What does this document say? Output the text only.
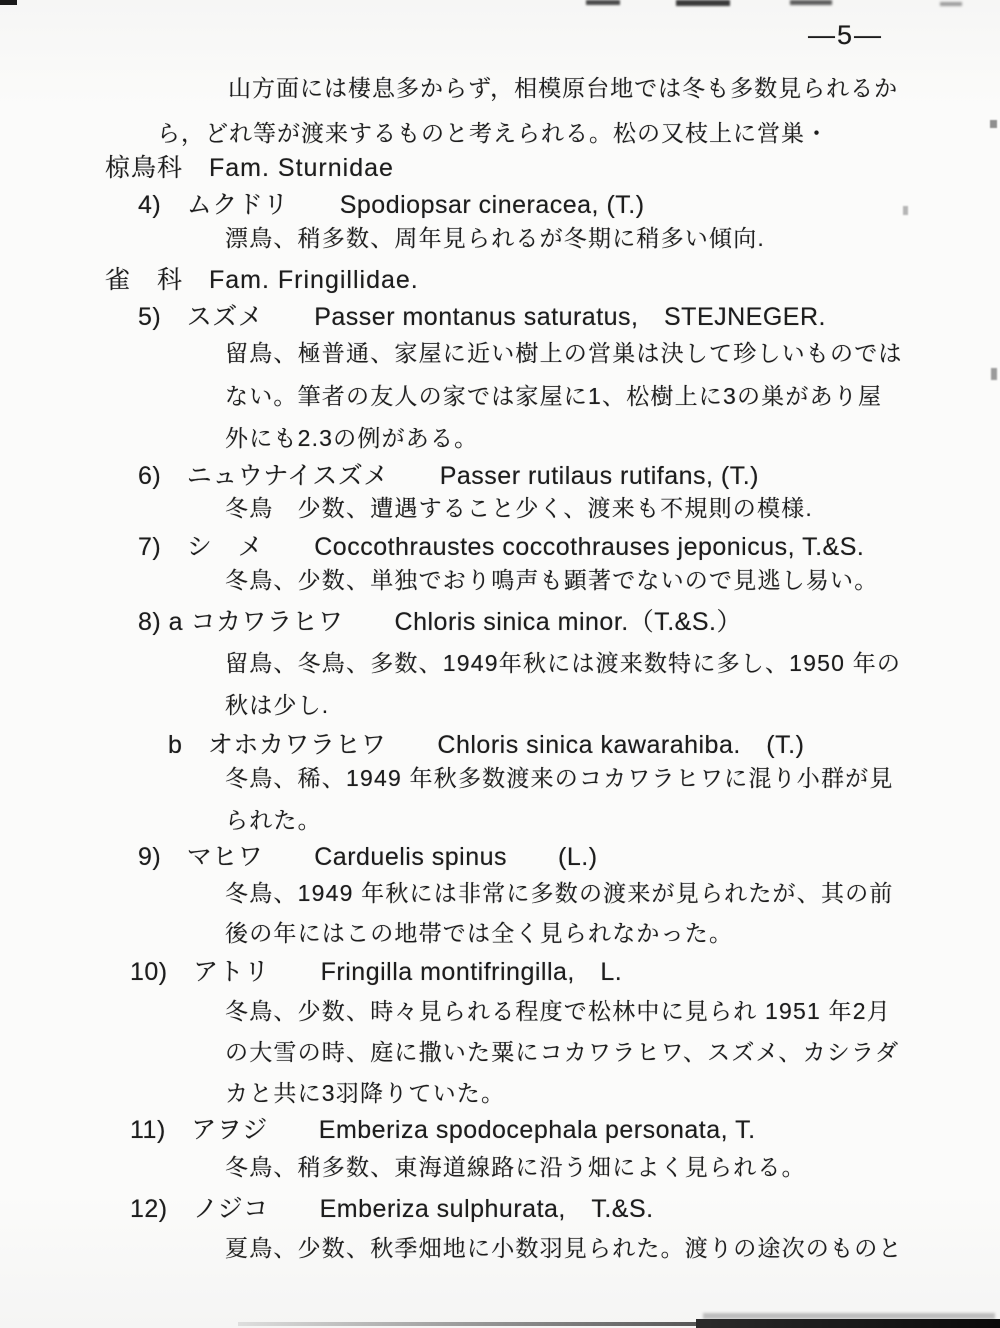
—5—
山方面には棲息多からず，相模原台地では冬も多数見られるか
ら，どれ等が渡来するものと考えられる。松の又枝上に営巣・
椋鳥科　Fam. Sturnidae
4)　ムクドリ　　Spodiopsar cineracea, (T.)
漂鳥、稍多数、周年見られるが冬期に稍多い傾向.
雀　科　Fam. Fringillidae.
5)　スズメ　　Passer montanus saturatus,　STEJNEGER.
留鳥、極普通、家屋に近い樹上の営巣は決して珍しいものでは
ない。筆者の友人の家では家屋に1、松樹上に3の巣があり屋
外にも2.3の例がある。
6)　ニュウナイスズメ　　Passer rutilaus rutifans, (T.)
冬鳥　少数、遭遇すること少く、渡来も不規則の模様.
7)　シ　メ　　Coccothraustes coccothrauses jeponicus, T.&S.
冬鳥、少数、単独でおり鳴声も顕著でないので見逃し易い。
8) a コカワラヒワ　　Chloris sinica minor.（T.&S.）
留鳥、冬鳥、多数、1949年秋には渡来数特に多し、1950 年の
秋は少し.
b　オホカワラヒワ　　Chloris sinica kawarahiba.　(T.)
冬鳥、稀、1949 年秋多数渡来のコカワラヒワに混り小群が見
られた。
9)　マヒワ　　Carduelis spinus　　(L.)
冬鳥、1949 年秋には非常に多数の渡来が見られたが、其の前
後の年にはこの地帯では全く見られなかった。
10)　アトリ　　Fringilla montifringilla,　L.
冬鳥、少数、時々見られる程度で松林中に見られ 1951 年2月
の大雪の時、庭に撒いた粟にコカワラヒワ、スズメ、カシラダ
カと共に3羽降りていた。
11)　アヲジ　　Emberiza spodocephala personata, T.
冬鳥、稍多数、東海道線路に沿う畑によく見られる。
12)　ノジコ　　Emberiza sulphurata,　T.&S.
夏鳥、少数、秋季畑地に小数羽見られた。渡りの途次のものと
